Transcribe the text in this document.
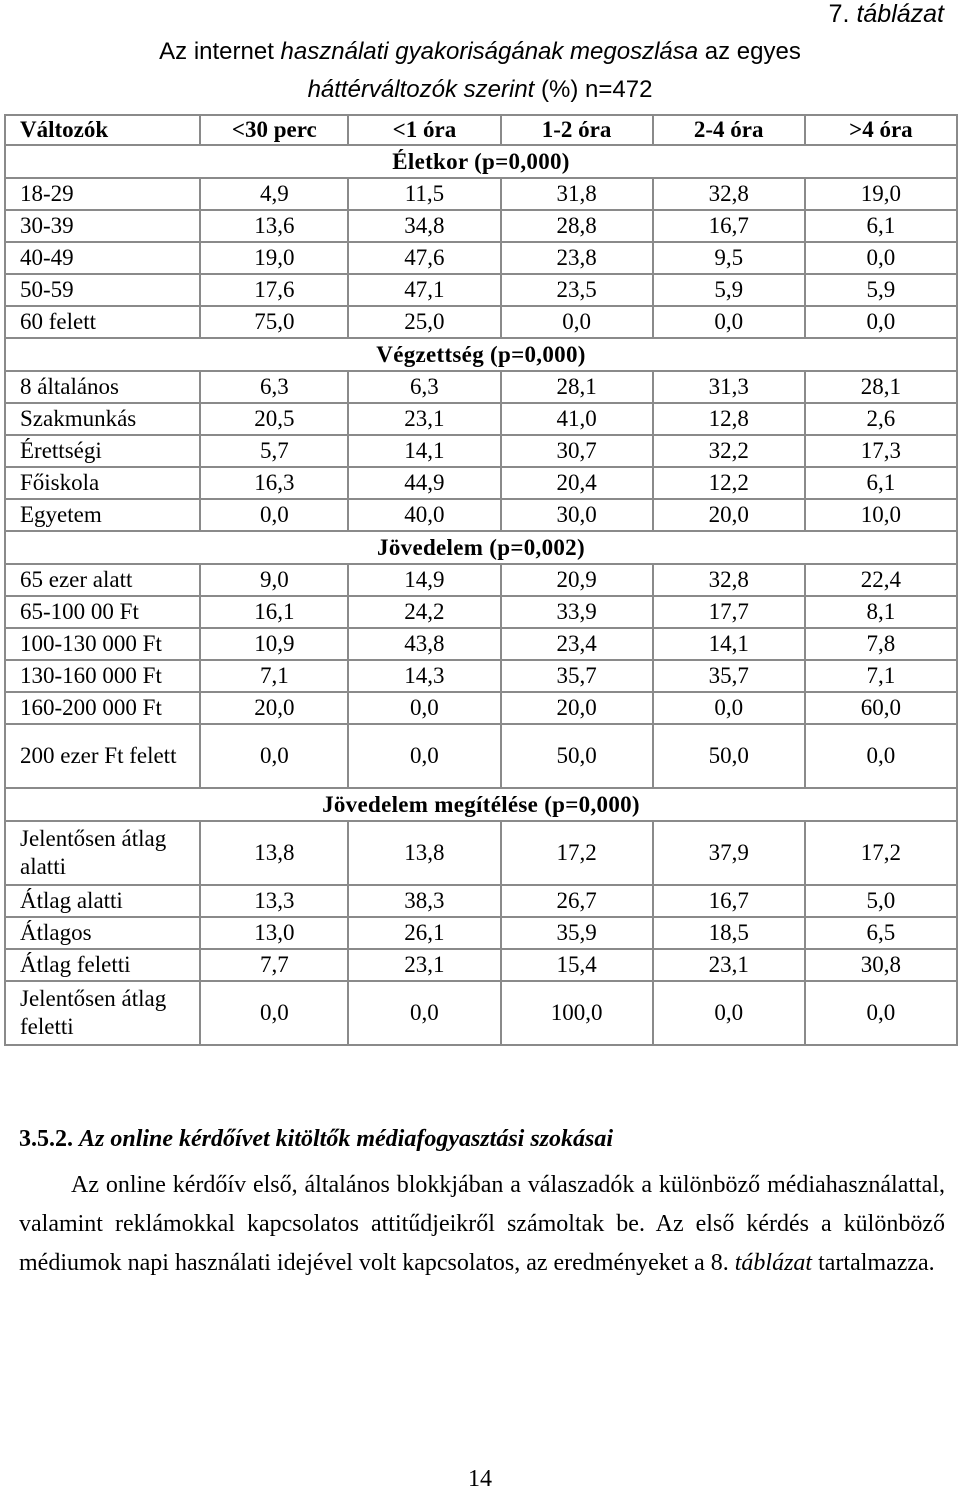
7. táblázat
Az internet használati gyakoriságának megoszlása az egyes
háttérváltozók szerint (%) n=472
Változók	<30 perc	<1 óra	1-2 óra	2-4 óra	>4 óra
Életkor (p=0,000)					
18-29	4,9	11,5	31,8	32,8	19,0
30-39	13,6	34,8	28,8	16,7	6,1
40-49	19,0	47,6	23,8	9,5	0,0
50-59	17,6	47,1	23,5	5,9	5,9
60 felett	75,0	25,0	0,0	0,0	0,0
Végzettség (p=0,000)					
8 általános	6,3	6,3	28,1	31,3	28,1
Szakmunkás	20,5	23,1	41,0	12,8	2,6
Érettségi	5,7	14,1	30,7	32,2	17,3
Főiskola	16,3	44,9	20,4	12,2	6,1
Egyetem	0,0	40,0	30,0	20,0	10,0
Jövedelem (p=0,002)					
65 ezer alatt	9,0	14,9	20,9	32,8	22,4
65-100 00 Ft	16,1	24,2	33,9	17,7	8,1
100-130 000 Ft	10,9	43,8	23,4	14,1	7,8
130-160 000 Ft	7,1	14,3	35,7	35,7	7,1
160-200 000 Ft	20,0	0,0	20,0	0,0	60,0
200 ezer Ft felett	0,0	0,0	50,0	50,0	0,0
Jövedelem megítélése (p=0,000)					
Jelentősen átlag alatti	13,8	13,8	17,2	37,9	17,2
Átlag alatti	13,3	38,3	26,7	16,7	5,0
Átlagos	13,0	26,1	35,9	18,5	6,5
Átlag feletti	7,7	23,1	15,4	23,1	30,8
Jelentősen átlag feletti	0,0	0,0	100,0	0,0	0,0
3.5.2. Az online kérdőívet kitöltők médiafogyasztási szokásai
Az online kérdőív első, általános blokkjában a válaszadók a különböző médiahasználattal, valamint reklámokkal kapcsolatos attitűdjeikről számoltak be. Az első kérdés a különböző médiumok napi használati idejével volt kapcsolatos, az eredményeket a 8. táblázat tartalmazza.
14
